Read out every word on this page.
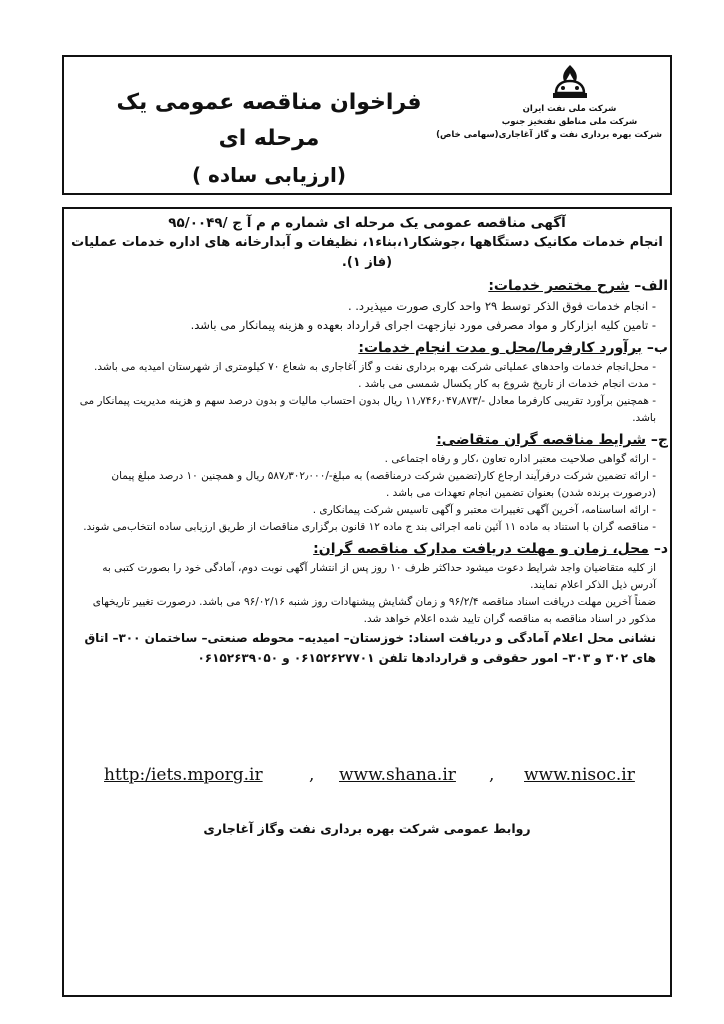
فراخوان مناقصه عمومی یک مرحله ای
(ارزیابی ساده )
شرکت ملی نفت ایران
شرکت ملی مناطق نفتخیز جنوب
شرکت بهره برداری نفت و گاز آغاجاری(سهامی خاص)
آگهی مناقصه عمومی یک مرحله ای شماره م م آ ج /۹۵/۰۰۴۹
انجام خدمات مکانیک دستگاهها ،جوشکار۱،بناء۱، نظیفات و آبدارخانه های اداره خدمات عملیات (فاز ۱).
الف– شرح مختصر خدمات:
- انجام خدمات فوق الذکر توسط ۲۹ واحد کاری صورت میپذیرد. .
- تامین کلیه ابزارکار و مواد مصرفی مورد نیازجهت اجرای قرارداد بعهده و هزینه پیمانکار می باشد.
ب– برآورد کارفرما/محل و مدت انجام خدمات:
- محل‌انجام خدمات واحدهای عملیاتی شرکت بهره برداری نفت و گاز آغاجاری به شعاع ۷۰ کیلومتری از شهرستان امیدیه می باشد.
- مدت انجام خدمات از تاریخ شروع به کار یکسال شمسی می باشد .
- همچنین برآورد تقریبی کارفرما معادل -/۱۱٫۷۴۶٫۰۴۷٫۸۷۳ ریال بدون احتساب مالیات و بدون درصد سهم و هزینه مدیریت پیمانکار می باشد.
ج– شرایط مناقصه گران متقاضی:
- ارائه گواهی صلاحیت معتبر اداره تعاون ،کار و رفاه اجتماعی .
- ارائه تضمین شرکت درفرآیند ارجاع کار(تضمین شرکت درمناقصه) به مبلغ-/۵۸۷٫۳۰۲٫۰۰۰ ریال و همچنین ۱۰ درصد مبلغ پیمان (درصورت برنده شدن) بعنوان تضمین انجام تعهدات می باشد .
- ارائه اساسنامه، آخرین آگهی تغییرات معتبر و آگهی تاسیس شرکت پیمانکاری .
- مناقصه گران با استناد به ماده ۱۱ آئین نامه اجرائی بند ج ماده ۱۲ قانون برگزاری مناقصات از طریق ارزیابی ساده انتخاب‌می شوند.
د– محل، زمان و مهلت دریافت مدارک مناقصه گران:
از کلیه متقاضیان واجد شرایط دعوت میشود حداکثر ظرف ۱۰ روز پس از انتشار آگهی نوبت دوم، آمادگی خود را بصورت کتبی به آدرس ذیل الذکر اعلام نمایند.
ضمناً آخرین مهلت دریافت اسناد مناقصه ۹۶/۲/۴ و زمان گشایش پیشنهادات روز شنبه ۹۶/۰۲/۱۶ می باشد. درصورت تغییر تاریخهای مذکور در اسناد مناقصه به مناقصه گران تایید شده اعلام خواهد شد.
نشانی محل اعلام آمادگی و دریافت اسناد: خوزستان– امیدیه– محوطه صنعتی– ساختمان ۳۰۰– اتاق های ۳۰۲ و ۳۰۳– امور حقوقی و قراردادها تلفن ۰۶۱۵۲۶۲۷۷۰۱ و ۰۶۱۵۲۶۳۹۰۵۰
http:/iets.mporg.ir	, www.shana.ir , www.nisoc.ir
روابط عمومی شرکت بهره برداری نفت وگاز آغاجاری
